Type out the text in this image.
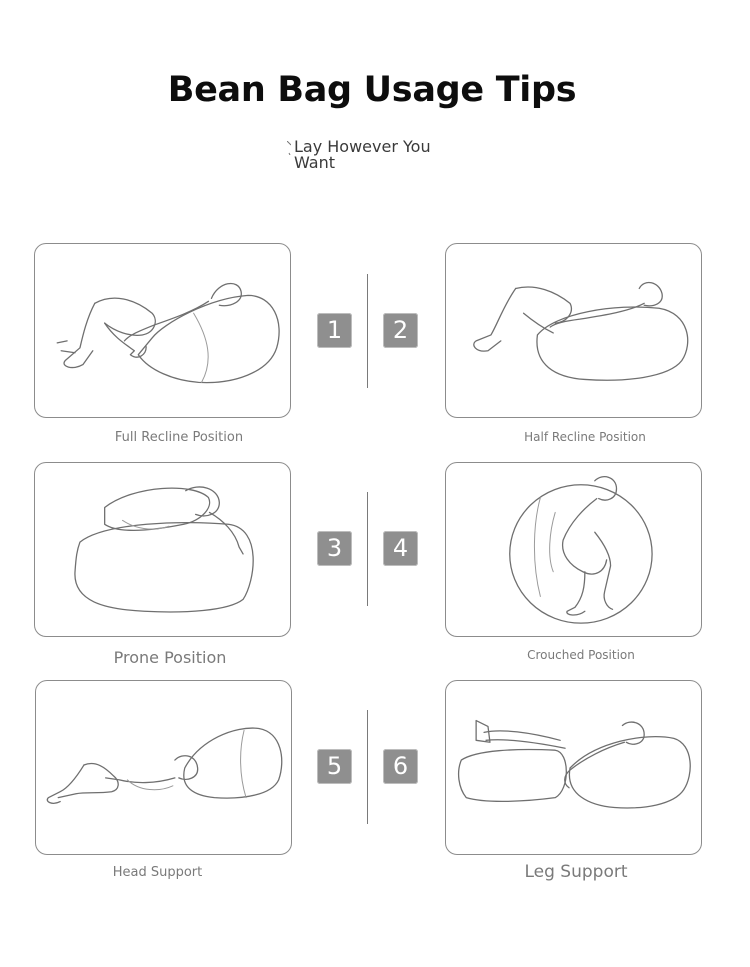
Bean Bag Usage Tips
Lay However You
Want
Full Recline Position
1	2
Half Recline Position
Prone Position
3	4
Crouched Position
Head Support
5	6
Leg Support
